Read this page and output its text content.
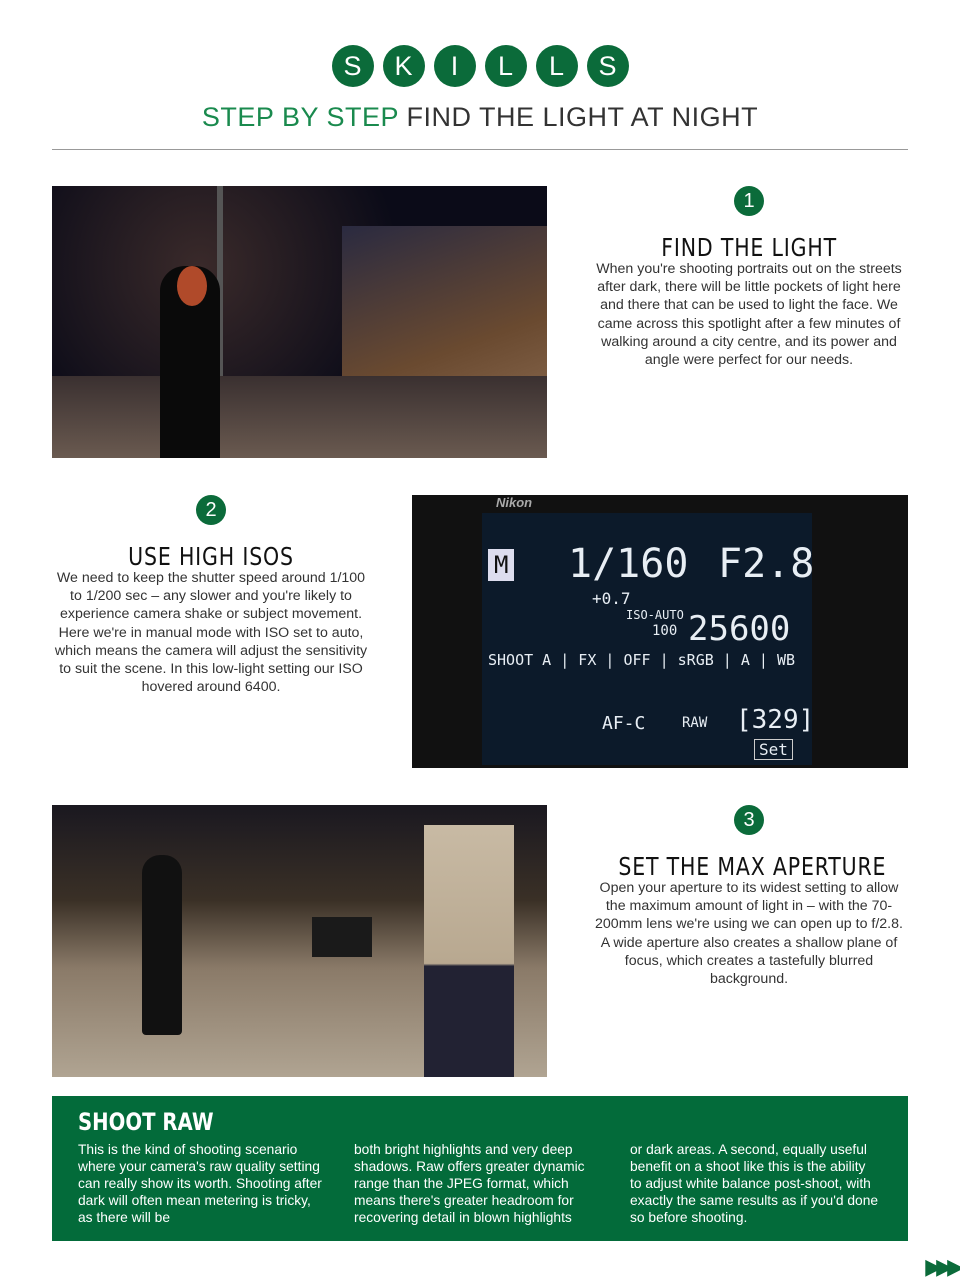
S	K	I	L	L	S
STEP BY STEP FIND THE LIGHT AT NIGHT
1
FIND THE LIGHT
When you're shooting portraits out on the streets after dark, there will be little pockets of light here and there that can be used to light the face. We came across this spotlight after a few minutes of walking around a city centre, and its power and angle were perfect for our needs.
2
USE HIGH ISOS
We need to keep the shutter speed around 1/100 to 1/200 sec – any slower and you're likely to experience camera shake or subject movement. Here we're in manual mode with ISO set to auto, which means the camera will adjust the sensitivity to suit the scene. In this low-light setting our ISO hovered around 6400.
Nikon
M 1/160 F2.8
+0.7
ISO-AUTO
100 25600
SHOOT A | FX | OFF | sRGB | A | WB
AF-C	RAW [329]
Set
3
SET THE MAX APERTURE
Open your aperture to its widest setting to allow the maximum amount of light in – with the 70-200mm lens we're using we can open up to f/2.8. A wide aperture also creates a shallow plane of focus, which creates a tastefully blurred background.
SHOOT RAW
This is the kind of shooting scenario where your camera's raw quality setting can really show its worth. Shooting after dark will often mean metering is tricky, as there will be
both bright highlights and very deep shadows. Raw offers greater dynamic range than the JPEG format, which means there's greater headroom for recovering detail in blown highlights
or dark areas. A second, equally useful benefit on a shoot like this is the ability to adjust white balance post-shoot, with exactly the same results as if you'd done so before shooting.
▶▶▶
